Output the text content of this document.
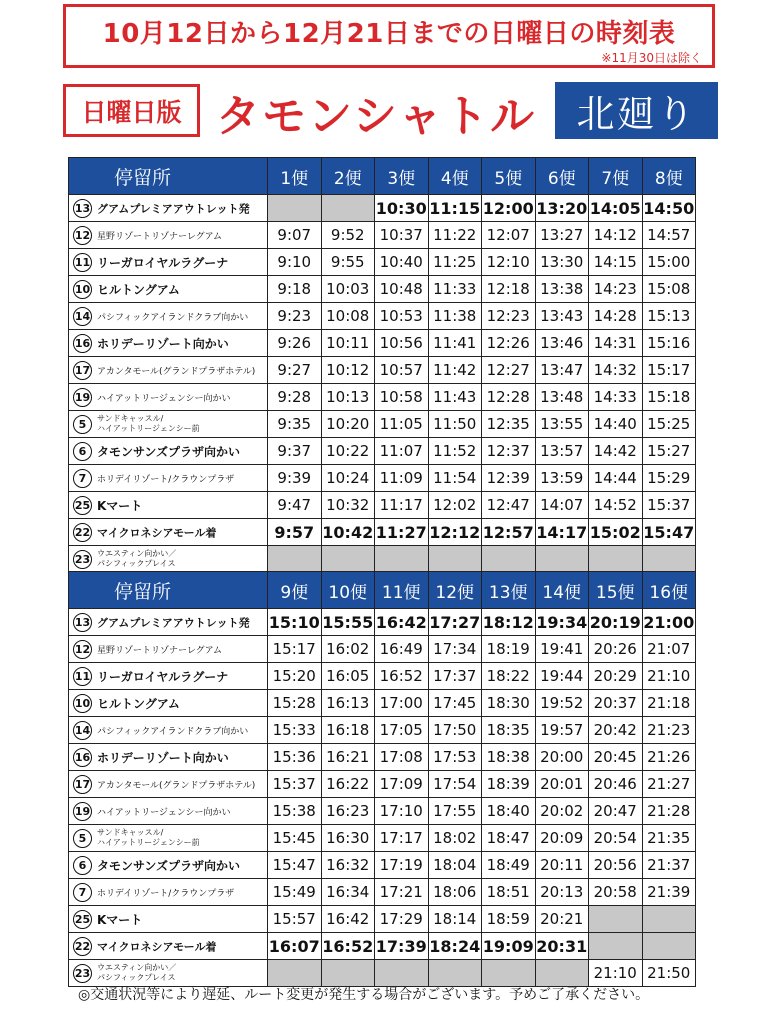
10月12日から12月21日までの日曜日の時刻表
※11月30日は除く
日曜日版 タモンシャトル	北廻り
停留所	1便	2便	3便	4便	5便	6便	7便	8便
13 グアムプレミアアウトレット発			10:30	11:15	12:00	13:20	14:05	14:50
12 星野リゾートリゾナーレグアム	9:07	9:52	10:37	11:22	12:07	13:27	14:12	14:57
11 リーガロイヤルラグーナ	9:10	9:55	10:40	11:25	12:10	13:30	14:15	15:00
10 ヒルトングアム	9:18	10:03	10:48	11:33	12:18	13:38	14:23	15:08
14 パシフィックアイランドクラブ向かい	9:23	10:08	10:53	11:38	12:23	13:43	14:28	15:13
16 ホリデーリゾート向かい	9:26	10:11	10:56	11:41	12:26	13:46	14:31	15:16
17 アカンタモール(グランドプラザホテル)	9:27	10:12	10:57	11:42	12:27	13:47	14:32	15:17
19 ハイアットリージェンシー向かい	9:28	10:13	10:58	11:43	12:28	13:48	14:33	15:18
5 サンドキャッスル/
ハイアットリージェンシー前	9:35	10:20	11:05	11:50	12:35	13:55	14:40	15:25
6 タモンサンズプラザ向かい	9:37	10:22	11:07	11:52	12:37	13:57	14:42	15:27
7 ホリデイリゾート/クラウンプラザ	9:39	10:24	11:09	11:54	12:39	13:59	14:44	15:29
25 Kマート	9:47	10:32	11:17	12:02	12:47	14:07	14:52	15:37
22 マイクロネシアモール着	9:57	10:42	11:27	12:12	12:57	14:17	15:02	15:47
23 ウエスティン向かい／
パシフィックプレイス								
停留所	9便	10便	11便	12便	13便	14便	15便	16便
13 グアムプレミアアウトレット発	15:10	15:55	16:42	17:27	18:12	19:34	20:19	21:00
12 星野リゾートリゾナーレグアム	15:17	16:02	16:49	17:34	18:19	19:41	20:26	21:07
11 リーガロイヤルラグーナ	15:20	16:05	16:52	17:37	18:22	19:44	20:29	21:10
10 ヒルトングアム	15:28	16:13	17:00	17:45	18:30	19:52	20:37	21:18
14 パシフィックアイランドクラブ向かい	15:33	16:18	17:05	17:50	18:35	19:57	20:42	21:23
16 ホリデーリゾート向かい	15:36	16:21	17:08	17:53	18:38	20:00	20:45	21:26
17 アカンタモール(グランドプラザホテル)	15:37	16:22	17:09	17:54	18:39	20:01	20:46	21:27
19 ハイアットリージェンシー向かい	15:38	16:23	17:10	17:55	18:40	20:02	20:47	21:28
5 サンドキャッスル/
ハイアットリージェンシー前	15:45	16:30	17:17	18:02	18:47	20:09	20:54	21:35
6 タモンサンズプラザ向かい	15:47	16:32	17:19	18:04	18:49	20:11	20:56	21:37
7 ホリデイリゾート/クラウンプラザ	15:49	16:34	17:21	18:06	18:51	20:13	20:58	21:39
25 Kマート	15:57	16:42	17:29	18:14	18:59	20:21		
22 マイクロネシアモール着	16:07	16:52	17:39	18:24	19:09	20:31		
23 ウエスティン向かい／
パシフィックプレイス							21:10	21:50
◎交通状況等により遅延、ルート変更が発生する場合がございます。予めご了承ください。
